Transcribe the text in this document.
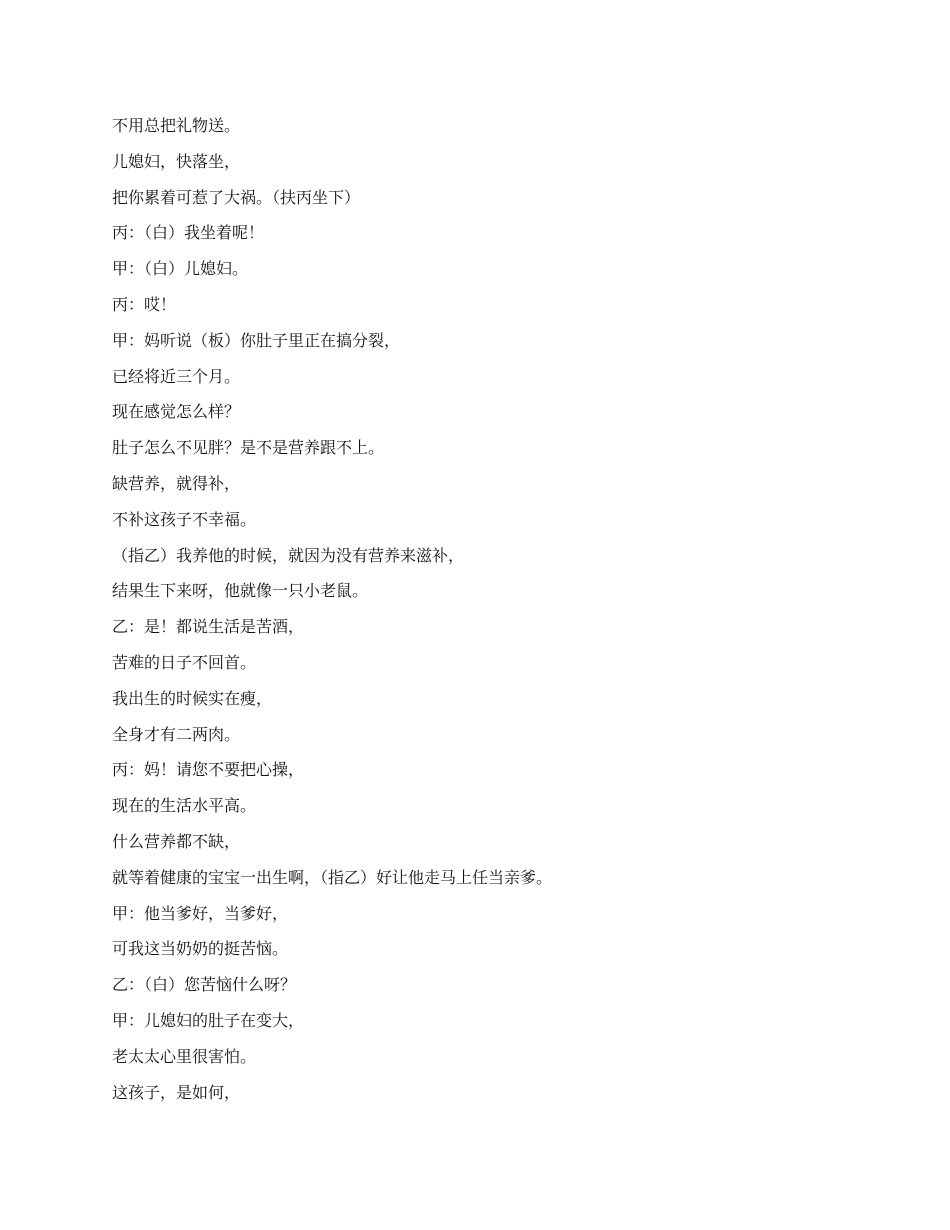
不用总把礼物送。
儿媳妇，快落坐，
把你累着可惹了大祸。（扶丙坐下）
丙：（白）我坐着呢！
甲：（白）儿媳妇。
丙：哎！
甲：妈听说（板）你肚子里正在搞分裂，
已经将近三个月。
现在感觉怎么样？
肚子怎么不见胖？是不是营养跟不上。
缺营养，就得补，
不补这孩子不幸福。
（指乙）我养他的时候，就因为没有营养来滋补，
结果生下来呀，他就像一只小老鼠。
乙：是！都说生活是苦酒，
苦难的日子不回首。
我出生的时候实在瘦，
全身才有二两肉。
丙：妈！请您不要把心操，
现在的生活水平高。
什么营养都不缺，
就等着健康的宝宝一出生啊，（指乙）好让他走马上任当亲爹。
甲：他当爹好，当爹好，
可我这当奶奶的挺苦恼。
乙：（白）您苦恼什么呀？
甲：儿媳妇的肚子在变大，
老太太心里很害怕。
这孩子，是如何，
